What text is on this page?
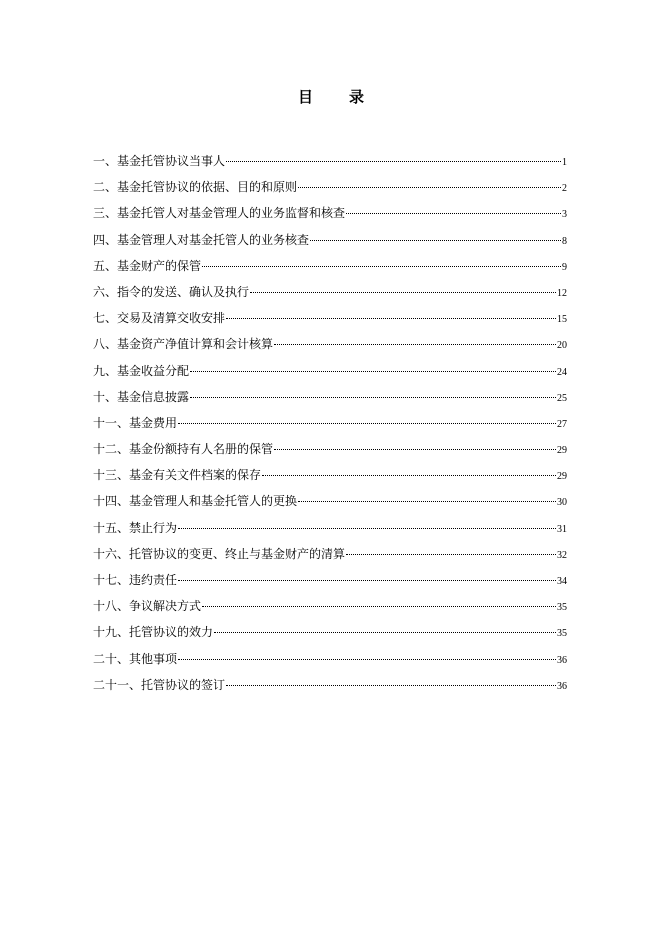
目 录
一、基金托管协议当事人	1
二、基金托管协议的依据、目的和原则	2
三、基金托管人对基金管理人的业务监督和核查	3
四、基金管理人对基金托管人的业务核查	8
五、基金财产的保管	9
六、指令的发送、确认及执行	12
七、交易及清算交收安排	15
八、基金资产净值计算和会计核算	20
九、基金收益分配	24
十、基金信息披露	25
十一、基金费用	27
十二、基金份额持有人名册的保管	29
十三、基金有关文件档案的保存	29
十四、基金管理人和基金托管人的更换	30
十五、禁止行为	31
十六、托管协议的变更、终止与基金财产的清算	32
十七、违约责任	34
十八、争议解决方式	35
十九、托管协议的效力	35
二十、其他事项	36
二十一、托管协议的签订	36
